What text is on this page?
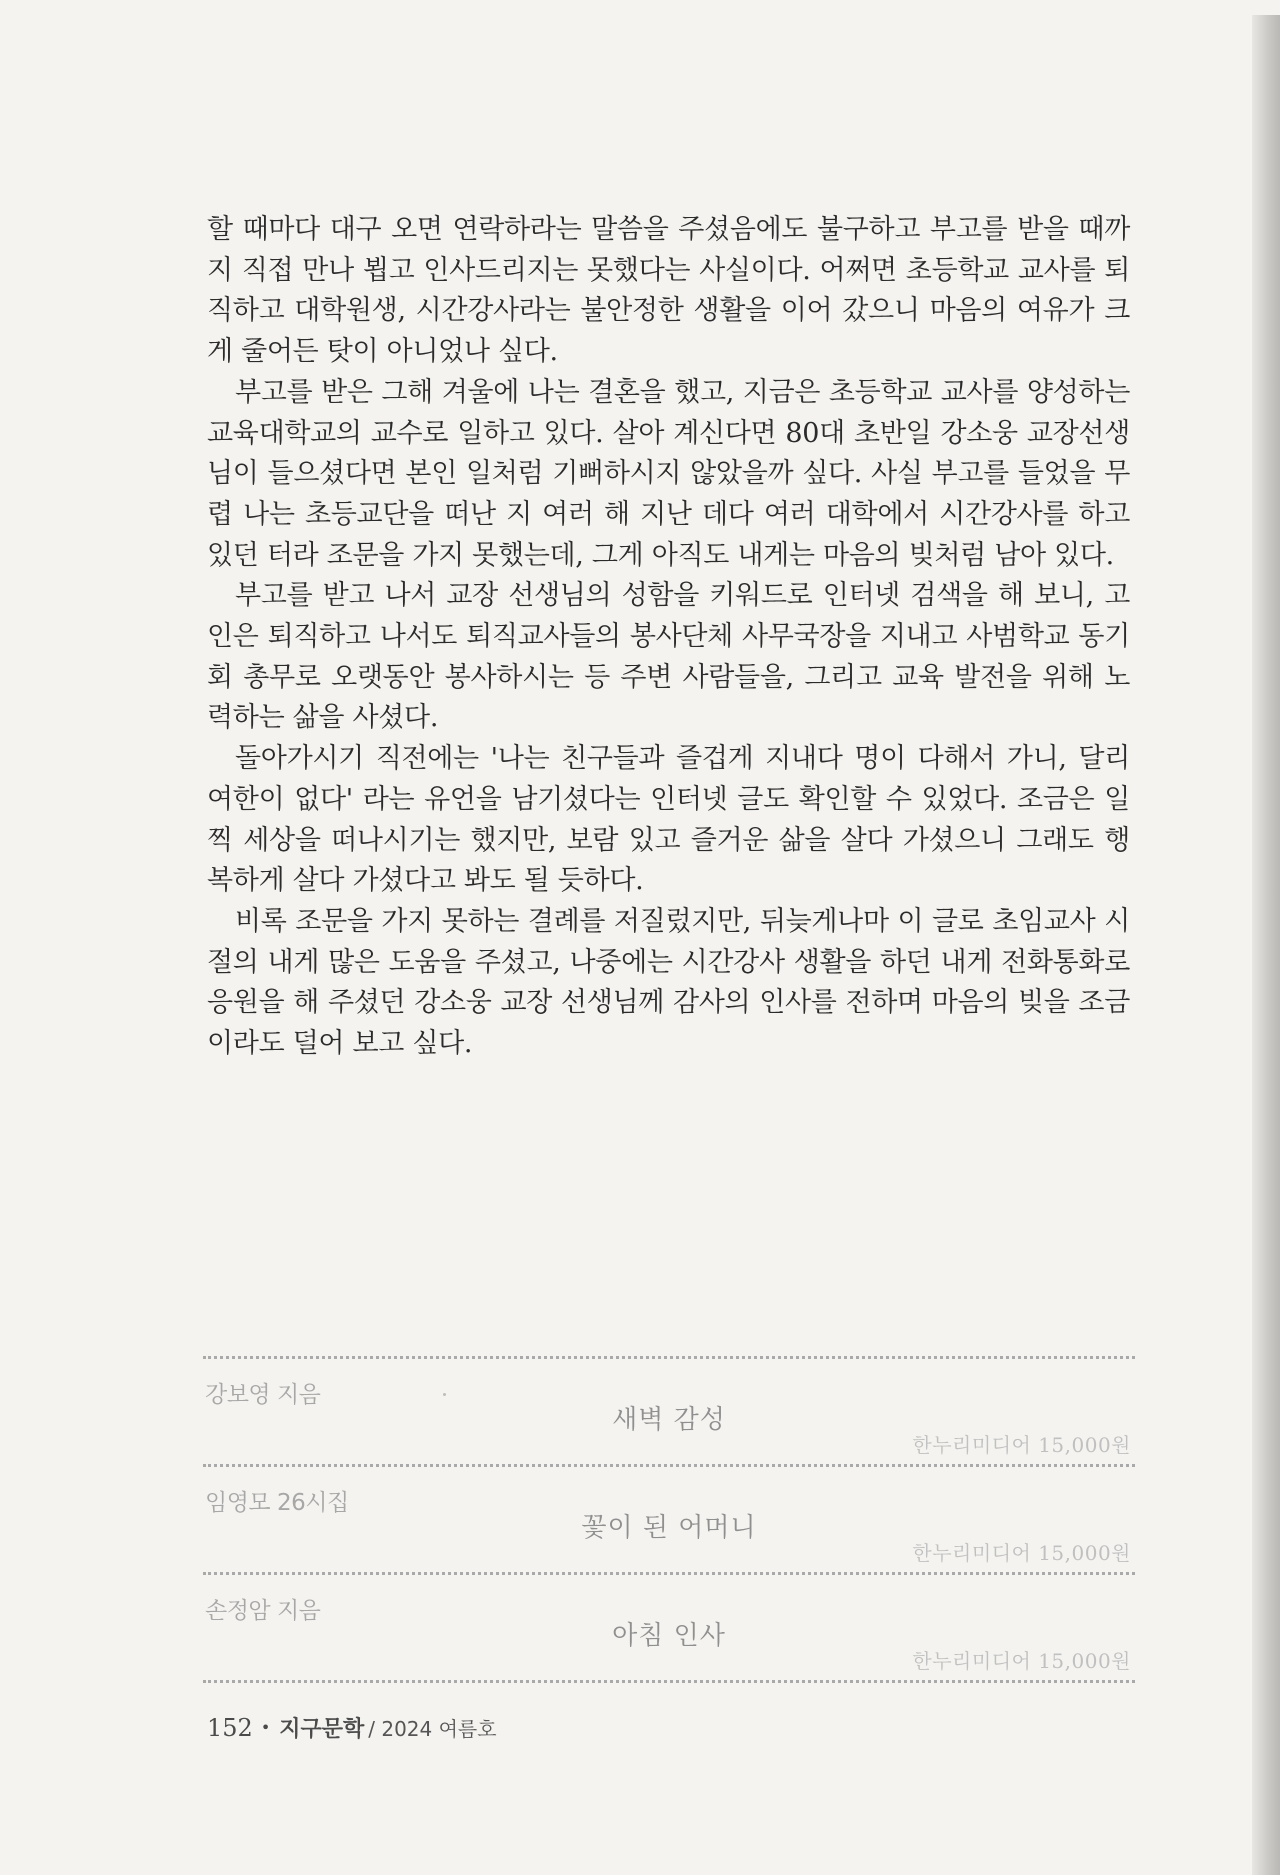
할 때마다 대구 오면 연락하라는 말씀을 주셨음에도 불구하고 부고를 받을 때까지 직접 만나 뵙고 인사드리지는 못했다는 사실이다. 어쩌면 초등학교 교사를 퇴직하고 대학원생, 시간강사라는 불안정한 생활을 이어 갔으니 마음의 여유가 크게 줄어든 탓이 아니었나 싶다.

부고를 받은 그해 겨울에 나는 결혼을 했고, 지금은 초등학교 교사를 양성하는 교육대학교의 교수로 일하고 있다. 살아 계신다면 80대 초반일 강소웅 교장선생님이 들으셨다면 본인 일처럼 기뻐하시지 않았을까 싶다. 사실 부고를 들었을 무렵 나는 초등교단을 떠난 지 여러 해 지난 데다 여러 대학에서 시간강사를 하고 있던 터라 조문을 가지 못했는데, 그게 아직도 내게는 마음의 빚처럼 남아 있다.

부고를 받고 나서 교장 선생님의 성함을 키워드로 인터넷 검색을 해 보니, 고인은 퇴직하고 나서도 퇴직교사들의 봉사단체 사무국장을 지내고 사범학교 동기회 총무로 오랫동안 봉사하시는 등 주변 사람들을, 그리고 교육 발전을 위해 노력하는 삶을 사셨다.

돌아가시기 직전에는 '나는 친구들과 즐겁게 지내다 명이 다해서 가니, 달리 여한이 없다' 라는 유언을 남기셨다는 인터넷 글도 확인할 수 있었다. 조금은 일찍 세상을 떠나시기는 했지만, 보람 있고 즐거운 삶을 살다 가셨으니 그래도 행복하게 살다 가셨다고 봐도 될 듯하다.

비록 조문을 가지 못하는 결례를 저질렀지만, 뒤늦게나마 이 글로 초임교사 시절의 내게 많은 도움을 주셨고, 나중에는 시간강사 생활을 하던 내게 전화통화로 응원을 해 주셨던 강소웅 교장 선생님께 감사의 인사를 전하며 마음의 빚을 조금이라도 덜어 보고 싶다.

강보영 지음
새벽 감성
한누리미디어 15,000원
임영모 26시집
꽃이 된 어머니
한누리미디어 15,000원
손정암 지음
아침 인사
한누리미디어 15,000원
152 • 지구문학 / 2024 여름호
